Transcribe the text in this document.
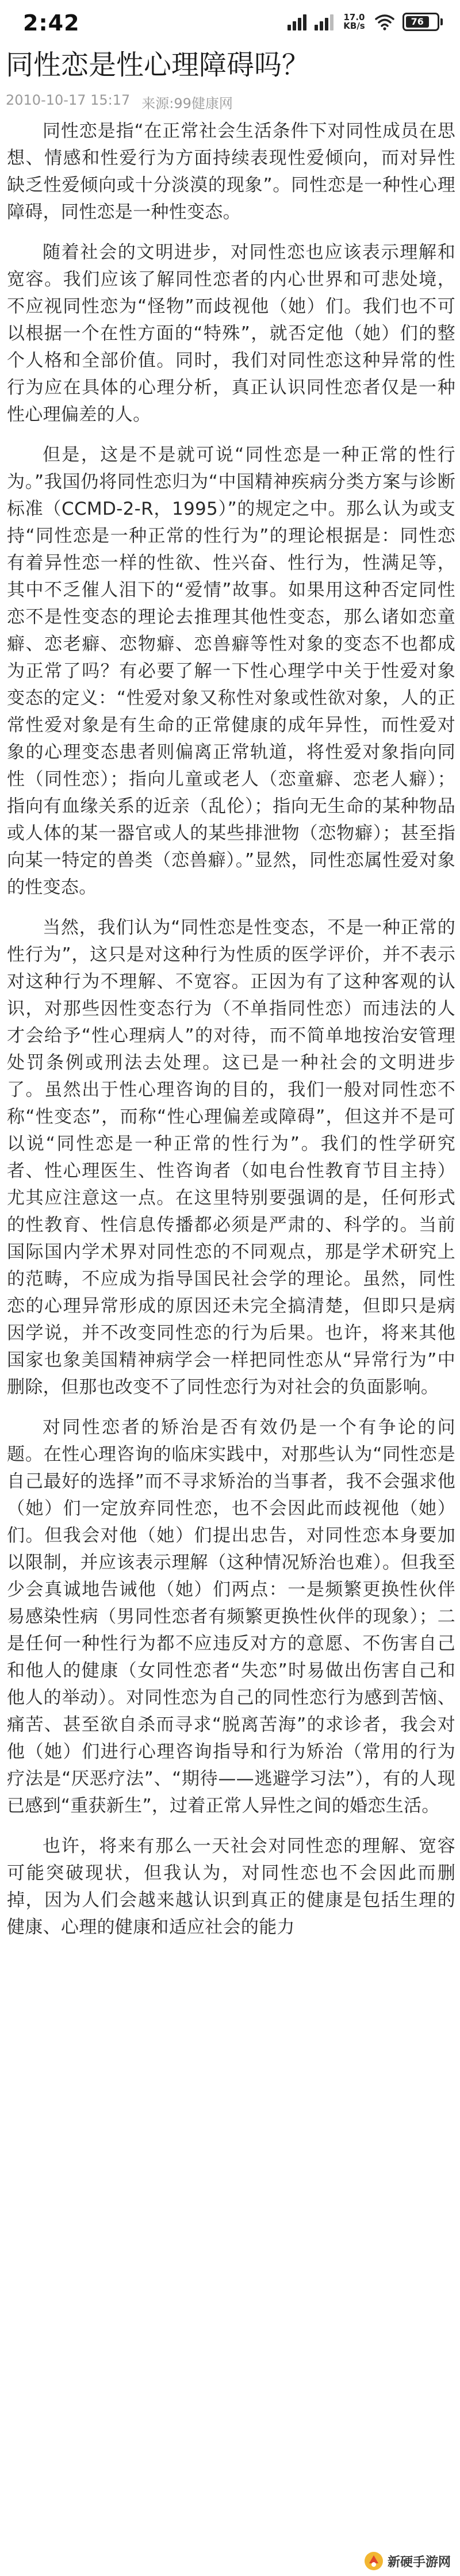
2:42	17.0
KB/s	76
同性恋是性心理障碍吗？
2010-10-17 15:17 来源:99健康网

同性恋是指“在正常社会生活条件下对同性成员在思想、情感和性爱行为方面持续表现性爱倾向，而对异性缺乏性爱倾向或十分淡漠的现象”。同性恋是一种性心理障碍，同性恋是一种性变态。

随着社会的文明进步，对同性恋也应该表示理解和宽容。我们应该了解同性恋者的内心世界和可悲处境，不应视同性恋为“怪物”而歧视他（她）们。我们也不可以根据一个在性方面的“特殊”，就否定他（她）们的整个人格和全部价值。同时，我们对同性恋这种异常的性行为应在具体的心理分析，真正认识同性恋者仅是一种性心理偏差的人。

但是，这是不是就可说“同性恋是一种正常的性行为。”我国仍将同性恋归为“中国精神疾病分类方案与诊断标准（CCMD-2-R，1995）”的规定之中。那么认为或支持“同性恋是一种正常的性行为”的理论根据是：同性恋有着异性恋一样的性欲、性兴奋、性行为，性满足等，其中不乏催人泪下的“爱情”故事。如果用这种否定同性恋不是性变态的理论去推理其他性变态，那么诸如恋童癖、恋老癖、恋物癖、恋兽癖等性对象的变态不也都成为正常了吗？有必要了解一下性心理学中关于性爱对象变态的定义：“性爱对象又称性对象或性欲对象，人的正常性爱对象是有生命的正常健康的成年异性，而性爱对象的心理变态患者则偏离正常轨道，将性爱对象指向同性（同性恋）；指向儿童或老人（恋童癖、恋老人癖）；指向有血缘关系的近亲（乱伦）；指向无生命的某种物品或人体的某一器官或人的某些排泄物（恋物癖）；甚至指向某一特定的兽类（恋兽癖）。”显然，同性恋属性爱对象的性变态。

当然，我们认为“同性恋是性变态，不是一种正常的性行为”，这只是对这种行为性质的医学评价，并不表示对这种行为不理解、不宽容。正因为有了这种客观的认识，对那些因性变态行为（不单指同性恋）而违法的人才会给予“性心理病人”的对待，而不简单地按治安管理处罚条例或刑法去处理。这已是一种社会的文明进步了。虽然出于性心理咨询的目的，我们一般对同性恋不称“性变态”，而称“性心理偏差或障碍”，但这并不是可以说“同性恋是一种正常的性行为”。我们的性学研究者、性心理医生、性咨询者（如电台性教育节目主持）尤其应注意这一点。在这里特别要强调的是，任何形式的性教育、性信息传播都必须是严肃的、科学的。当前国际国内学术界对同性恋的不同观点，那是学术研究上的范畴，不应成为指导国民社会学的理论。虽然，同性恋的心理异常形成的原因还未完全搞清楚，但即只是病因学说，并不改变同性恋的行为后果。也许，将来其他国家也象美国精神病学会一样把同性恋从“异常行为”中删除，但那也改变不了同性恋行为对社会的负面影响。

对同性恋者的矫治是否有效仍是一个有争论的问题。在性心理咨询的临床实践中，对那些认为“同性恋是自己最好的选择”而不寻求矫治的当事者，我不会强求他（她）们一定放弃同性恋，也不会因此而歧视他（她）们。但我会对他（她）们提出忠告，对同性恋本身要加以限制，并应该表示理解（这种情况矫治也难）。但我至少会真诚地告诫他（她）们两点：一是频繁更换性伙伴易感染性病（男同性恋者有频繁更换性伙伴的现象）；二是任何一种性行为都不应违反对方的意愿、不伤害自己和他人的健康（女同性恋者“失恋”时易做出伤害自己和他人的举动）。对同性恋为自己的同性恋行为感到苦恼、痛苦、甚至欲自杀而寻求“脱离苦海”的求诊者，我会对他（她）们进行心理咨询指导和行为矫治（常用的行为疗法是“厌恶疗法”、“期待——逃避学习法”），有的人现已感到“重获新生”，过着正常人异性之间的婚恋生活。

也许，将来有那么一天社会对同性恋的理解、宽容可能突破现状，但我认为，对同性恋也不会因此而删掉，因为人们会越来越认识到真正的健康是包括生理的健康、心理的健康和适应社会的能力

新硬手游网
